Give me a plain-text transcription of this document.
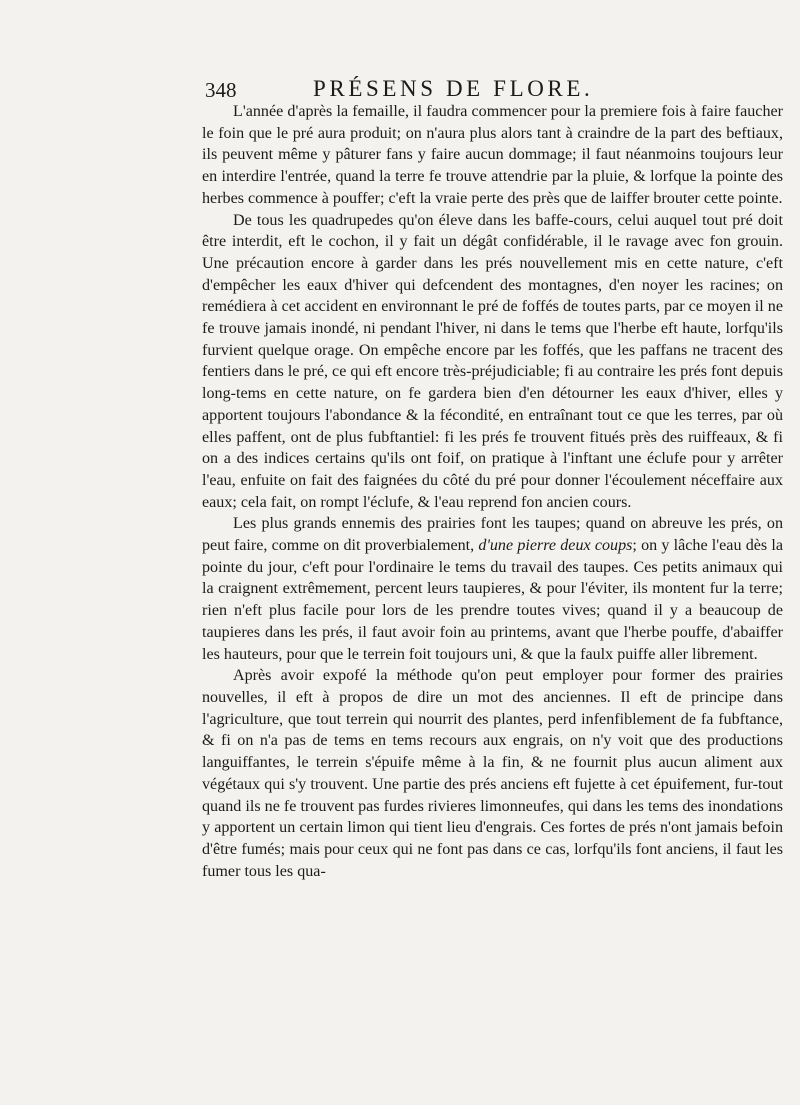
348	PRÉSENS DE FLORE.

L'année d'après la femaille, il faudra commencer pour la premiere fois à faire faucher le foin que le pré aura produit; on n'aura plus alors tant à craindre de la part des beftiaux, ils peuvent même y pâturer fans y faire aucun dommage; il faut néanmoins toujours leur en interdire l'entrée, quand la terre fe trouve attendrie par la pluie, & lorfque la pointe des herbes commence à pouffer; c'eft la vraie perte des près que de laiffer brouter cette pointe.

De tous les quadrupedes qu'on éleve dans les baffe-cours, celui auquel tout pré doit être interdit, eft le cochon, il y fait un dégât confidérable, il le ravage avec fon grouin. Une précaution encore à garder dans les prés nouvellement mis en cette nature, c'eft d'empêcher les eaux d'hiver qui defcendent des montagnes, d'en noyer les racines; on remédiera à cet accident en environnant le pré de foffés de toutes parts, par ce moyen il ne fe trouve jamais inondé, ni pendant l'hiver, ni dans le tems que l'herbe eft haute, lorfqu'ils furvient quelque orage. On empêche encore par les foffés, que les paffans ne tracent des fentiers dans le pré, ce qui eft encore très-préjudiciable; fi au contraire les prés font depuis long-tems en cette nature, on fe gardera bien d'en détourner les eaux d'hiver, elles y apportent toujours l'abondance & la fécondité, en entraînant tout ce que les terres, par où elles paffent, ont de plus fubftantiel: fi les prés fe trouvent fitués près des ruiffeaux, & fi on a des indices certains qu'ils ont foif, on pratique à l'inftant une éclufe pour y arrêter l'eau, enfuite on fait des faignées du côté du pré pour donner l'écoulement néceffaire aux eaux; cela fait, on rompt l'éclufe, & l'eau reprend fon ancien cours.

Les plus grands ennemis des prairies font les taupes; quand on abreuve les prés, on peut faire, comme on dit proverbialement, d'une pierre deux coups; on y lâche l'eau dès la pointe du jour, c'eft pour l'ordinaire le tems du travail des taupes. Ces petits animaux qui la craignent extrêmement, percent leurs taupieres, & pour l'éviter, ils montent fur la terre; rien n'eft plus facile pour lors de les prendre toutes vives; quand il y a beaucoup de taupieres dans les prés, il faut avoir foin au printems, avant que l'herbe pouffe, d'abaiffer les hauteurs, pour que le terrein foit toujours uni, & que la faulx puiffe aller librement.

Après avoir expofé la méthode qu'on peut employer pour former des prairies nouvelles, il eft à propos de dire un mot des anciennes. Il eft de principe dans l'agriculture, que tout terrein qui nourrit des plantes, perd infenfiblement de fa fubftance, & fi on n'a pas de tems en tems recours aux engrais, on n'y voit que des productions languiffantes, le terrein s'épuife même à la fin, & ne fournit plus aucun aliment aux végétaux qui s'y trouvent. Une partie des prés anciens eft fujette à cet épuifement, fur-tout quand ils ne fe trouvent pas furdes rivieres limonneufes, qui dans les tems des inondations y apportent un certain limon qui tient lieu d'engrais. Ces fortes de prés n'ont jamais befoin d'être fumés; mais pour ceux qui ne font pas dans ce cas, lorfqu'ils font anciens, il faut les fumer tous les qua-
